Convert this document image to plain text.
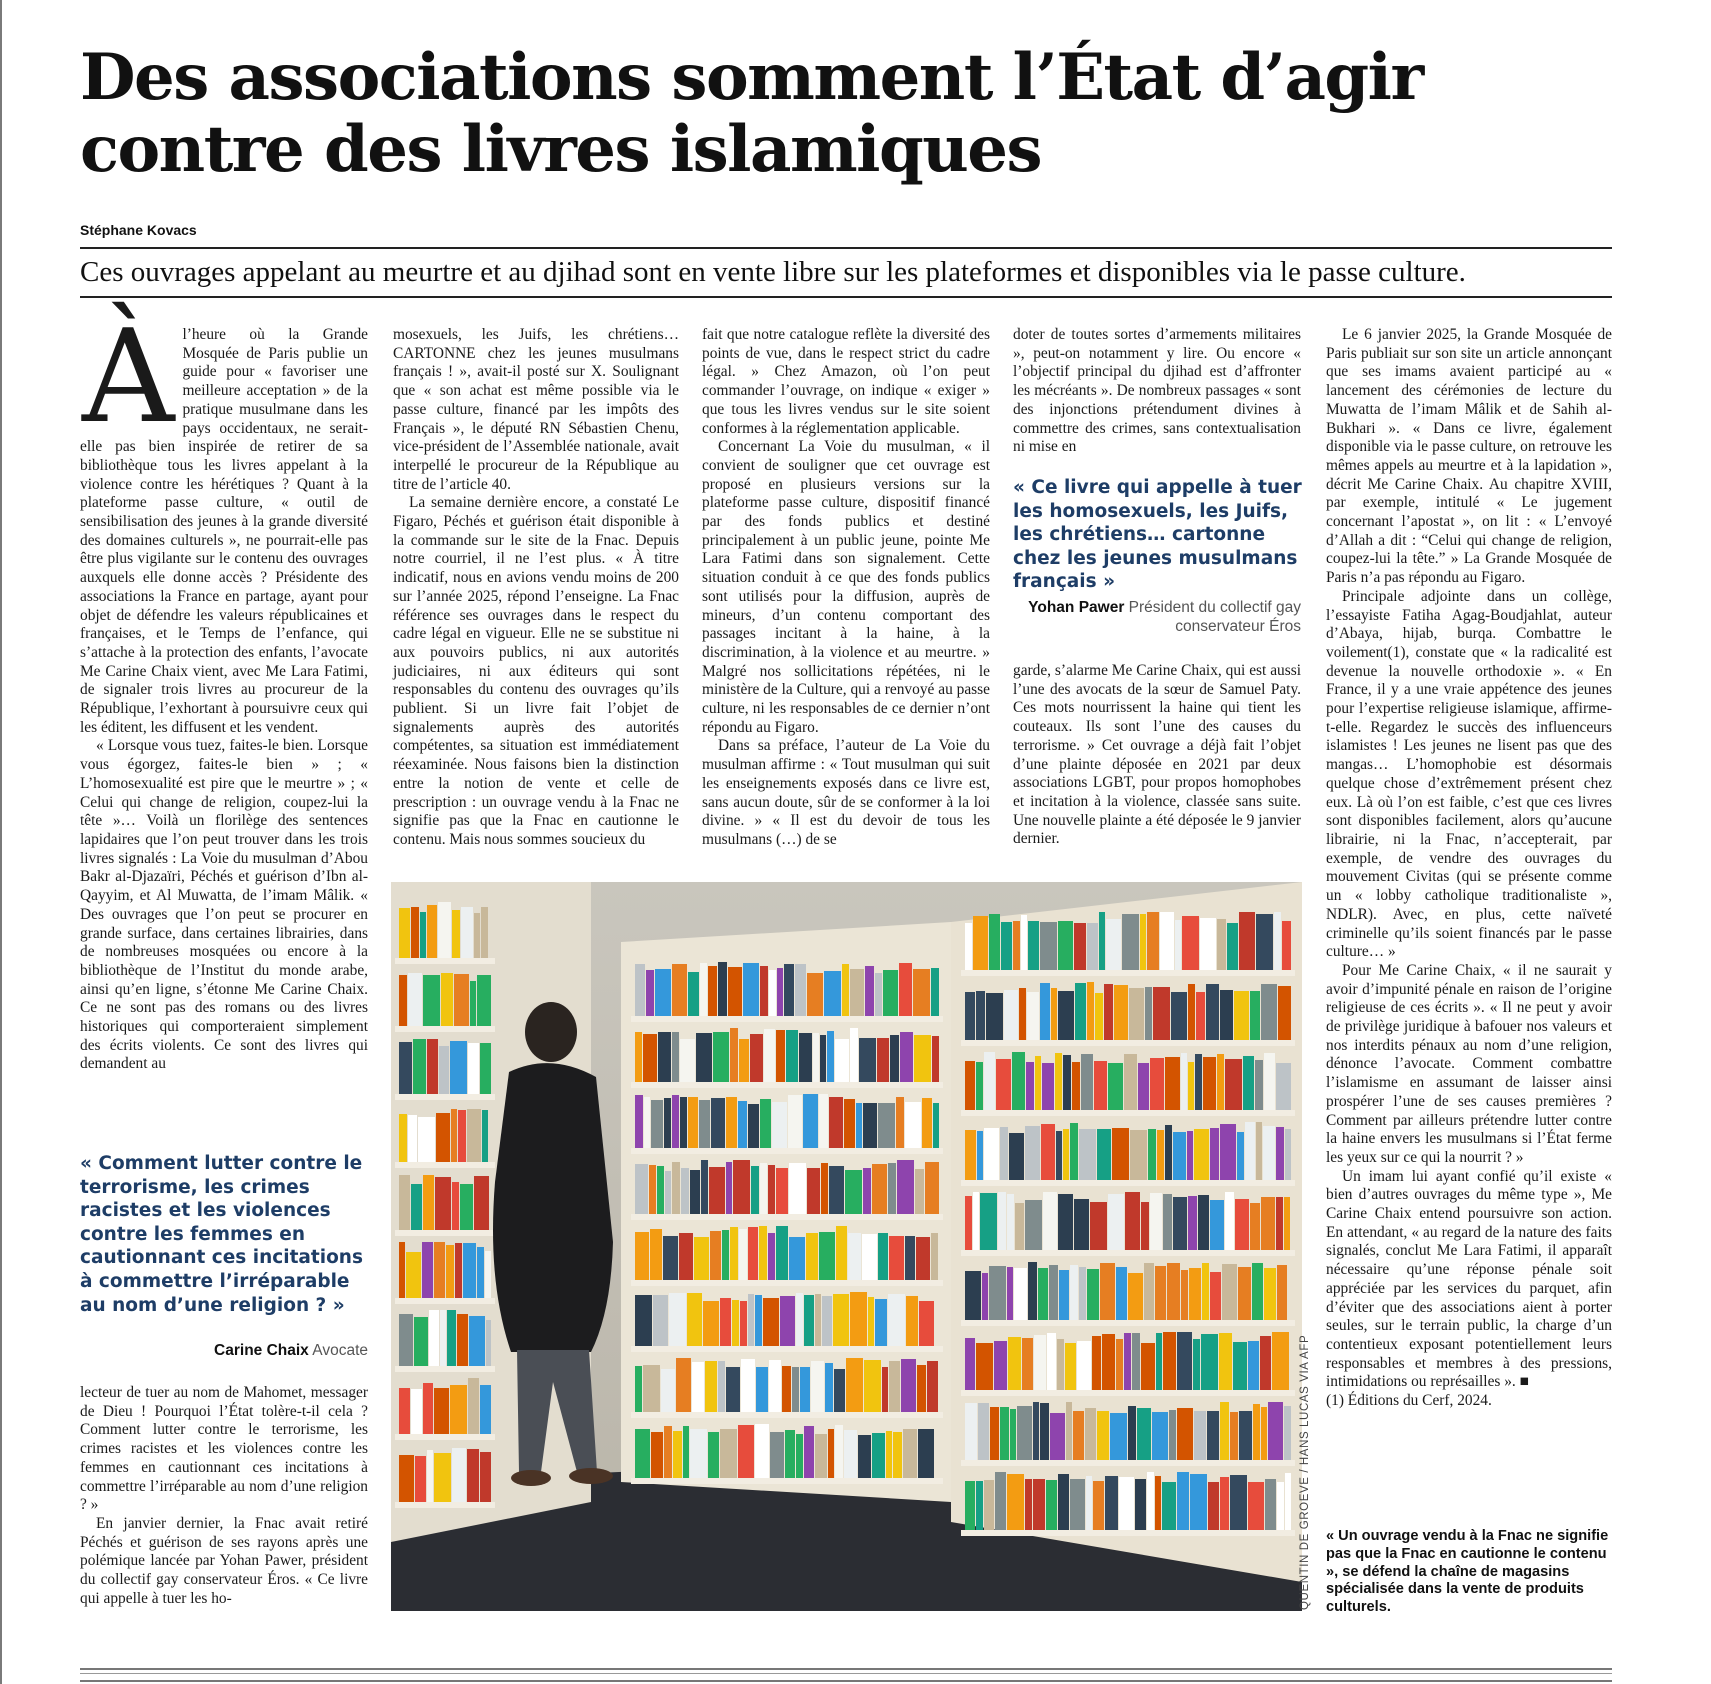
Des associations somment l’État d’agir contre des livres islamiques
Stéphane Kovacs

Ces ouvrages appelant au meurtre et au djihad sont en vente libre sur les plateformes et disponibles via le passe culture.

À l’heure où la Grande Mosquée de Paris publie un guide pour « favoriser une meilleure acceptation » de la pratique musulmane dans les pays occidentaux, ne serait-elle pas bien inspirée de retirer de sa bibliothèque tous les livres appelant à la violence contre les hérétiques ? Quant à la plateforme passe culture, « outil de sensibilisation des jeunes à la grande diversité des domaines culturels », ne pourrait-elle pas être plus vigilante sur le contenu des ouvrages auxquels elle donne accès ? Présidente des associations la France en partage, ayant pour objet de défendre les valeurs républicaines et françaises, et le Temps de l’enfance, qui s’attache à la protection des enfants, l’avocate Me Carine Chaix vient, avec Me Lara Fatimi, de signaler trois livres au procureur de la République, l’exhortant à poursuivre ceux qui les éditent, les diffusent et les vendent.

« Lorsque vous tuez, faites-le bien. Lorsque vous égorgez, faites-le bien » ; « L’homosexualité est pire que le meurtre » ; « Celui qui change de religion, coupez-lui la tête »… Voilà un florilège des sentences lapidaires que l’on peut trouver dans les trois livres signalés : La Voie du musulman d’Abou Bakr al-Djazaïri, Péchés et guérison d’Ibn al-Qayyim, et Al Muwatta, de l’imam Mâlik. « Des ouvrages que l’on peut se procurer en grande surface, dans certaines librairies, dans de nombreuses mosquées ou encore à la bibliothèque de l’Institut du monde arabe, ainsi qu’en ligne, s’étonne Me Carine Chaix. Ce ne sont pas des romans ou des livres historiques qui comporteraient simplement des écrits violents. Ce sont des livres qui demandent au

« Comment lutter contre le terrorisme, les crimes racistes et les violences contre les femmes en cautionnant ces incitations à commettre l’irréparable au nom d’une religion ? »
Carine Chaix Avocate

lecteur de tuer au nom de Mahomet, messager de Dieu ! Pourquoi l’État tolère-t-il cela ? Comment lutter contre le terrorisme, les crimes racistes et les violences contre les femmes en cautionnant ces incitations à commettre l’irréparable au nom d’une religion ? »

En janvier dernier, la Fnac avait retiré Péchés et guérison de ses rayons après une polémique lancée par Yohan Pawer, président du collectif gay conservateur Éros. « Ce livre qui appelle à tuer les ho-

mosexuels, les Juifs, les chrétiens… CARTONNE chez les jeunes musulmans français ! », avait-il posté sur X. Soulignant que « son achat est même possible via le passe culture, financé par les impôts des Français », le député RN Sébastien Chenu, vice-président de l’Assemblée nationale, avait interpellé le procureur de la République au titre de l’article 40.

La semaine dernière encore, a constaté Le Figaro, Péchés et guérison était disponible à la commande sur le site de la Fnac. Depuis notre courriel, il ne l’est plus. « À titre indicatif, nous en avions vendu moins de 200 sur l’année 2025, répond l’enseigne. La Fnac référence ses ouvrages dans le respect du cadre légal en vigueur. Elle ne se substitue ni aux pouvoirs publics, ni aux autorités judiciaires, ni aux éditeurs qui sont responsables du contenu des ouvrages qu’ils publient. Si un livre fait l’objet de signalements auprès des autorités compétentes, sa situation est immédiatement réexaminée. Nous faisons bien la distinction entre la notion de vente et celle de prescription : un ouvrage vendu à la Fnac ne signifie pas que la Fnac en cautionne le contenu. Mais nous sommes soucieux du

fait que notre catalogue reflète la diversité des points de vue, dans le respect strict du cadre légal. » Chez Amazon, où l’on peut commander l’ouvrage, on indique « exiger » que tous les livres vendus sur le site soient conformes à la réglementation applicable.

Concernant La Voie du musulman, « il convient de souligner que cet ouvrage est proposé en plusieurs versions sur la plateforme passe culture, dispositif financé par des fonds publics et destiné principalement à un public jeune, pointe Me Lara Fatimi dans son signalement. Cette situation conduit à ce que des fonds publics sont utilisés pour la diffusion, auprès de mineurs, d’un contenu comportant des passages incitant à la haine, à la discrimination, à la violence et au meurtre. » Malgré nos sollicitations répétées, ni le ministère de la Culture, qui a renvoyé au passe culture, ni les responsables de ce dernier n’ont répondu au Figaro.

Dans sa préface, l’auteur de La Voie du musulman affirme : « Tout musulman qui suit les enseignements exposés dans ce livre est, sans aucun doute, sûr de se conformer à la loi divine. » « Il est du devoir de tous les musulmans (…) de se

doter de toutes sortes d’armements militaires », peut-on notamment y lire. Ou encore « l’objectif principal du djihad est d’affronter les mécréants ». De nombreux passages « sont des injonctions prétendument divines à commettre des crimes, sans contextualisation ni mise en

« Ce livre qui appelle à tuer les homosexuels, les Juifs, les chrétiens… cartonne chez les jeunes musulmans français »
Yohan Pawer Président du collectif gay conservateur Éros

garde, s’alarme Me Carine Chaix, qui est aussi l’une des avocats de la sœur de Samuel Paty. Ces mots nourrissent la haine qui tient les couteaux. Ils sont l’une des causes du terrorisme. » Cet ouvrage a déjà fait l’objet d’une plainte déposée en 2021 par deux associations LGBT, pour propos homophobes et incitation à la violence, classée sans suite. Une nouvelle plainte a été déposée le 9 janvier dernier.

Le 6 janvier 2025, la Grande Mosquée de Paris publiait sur son site un article annonçant que ses imams avaient participé au « lancement des cérémonies de lecture du Muwatta de l’imam Mâlik et de Sahih al-Bukhari ». « Dans ce livre, également disponible via le passe culture, on retrouve les mêmes appels au meurtre et à la lapidation », décrit Me Carine Chaix. Au chapitre XVIII, par exemple, intitulé « Le jugement concernant l’apostat », on lit : « L’envoyé d’Allah a dit : “Celui qui change de religion, coupez-lui la tête.” » La Grande Mosquée de Paris n’a pas répondu au Figaro.

Principale adjointe dans un collège, l’essayiste Fatiha Agag-Boudjahlat, auteur d’Abaya, hijab, burqa. Combattre le voilement(1), constate que « la radicalité est devenue la nouvelle orthodoxie ». « En France, il y a une vraie appétence des jeunes pour l’expertise religieuse islamique, affirme-t-elle. Regardez le succès des influenceurs islamistes ! Les jeunes ne lisent pas que des mangas… L’homophobie est désormais quelque chose d’extrêmement présent chez eux. Là où l’on est faible, c’est que ces livres sont disponibles facilement, alors qu’aucune librairie, ni la Fnac, n’accepterait, par exemple, de vendre des ouvrages du mouvement Civitas (qui se présente comme un « lobby catholique traditionaliste », NDLR). Avec, en plus, cette naïveté criminelle qu’ils soient financés par le passe culture… »

Pour Me Carine Chaix, « il ne saurait y avoir d’impunité pénale en raison de l’origine religieuse de ces écrits ». « Il ne peut y avoir de privilège juridique à bafouer nos valeurs et nos interdits pénaux au nom d’une religion, dénonce l’avocate. Comment combattre l’islamisme en assumant de laisser ainsi prospérer l’une de ses causes premières ? Comment par ailleurs prétendre lutter contre la haine envers les musulmans si l’État ferme les yeux sur ce qui la nourrit ? »

Un imam lui ayant confié qu’il existe « bien d’autres ouvrages du même type », Me Carine Chaix entend poursuivre son action. En attendant, « au regard de la nature des faits signalés, conclut Me Lara Fatimi, il apparaît nécessaire qu’une réponse pénale soit appréciée par les services du parquet, afin d’éviter que des associations aient à porter seules, sur le terrain public, la charge d’un contentieux exposant potentiellement leurs responsables et membres à des pressions, intimidations ou représailles ». ■

(1) Éditions du Cerf, 2024.

QUENTIN DE GROEVE / HANS LUCAS VIA AFP	« Un ouvrage vendu à la Fnac ne signifie pas que la Fnac en cautionne le contenu », se défend la chaîne de magasins spécialisée dans la vente de produits culturels.
